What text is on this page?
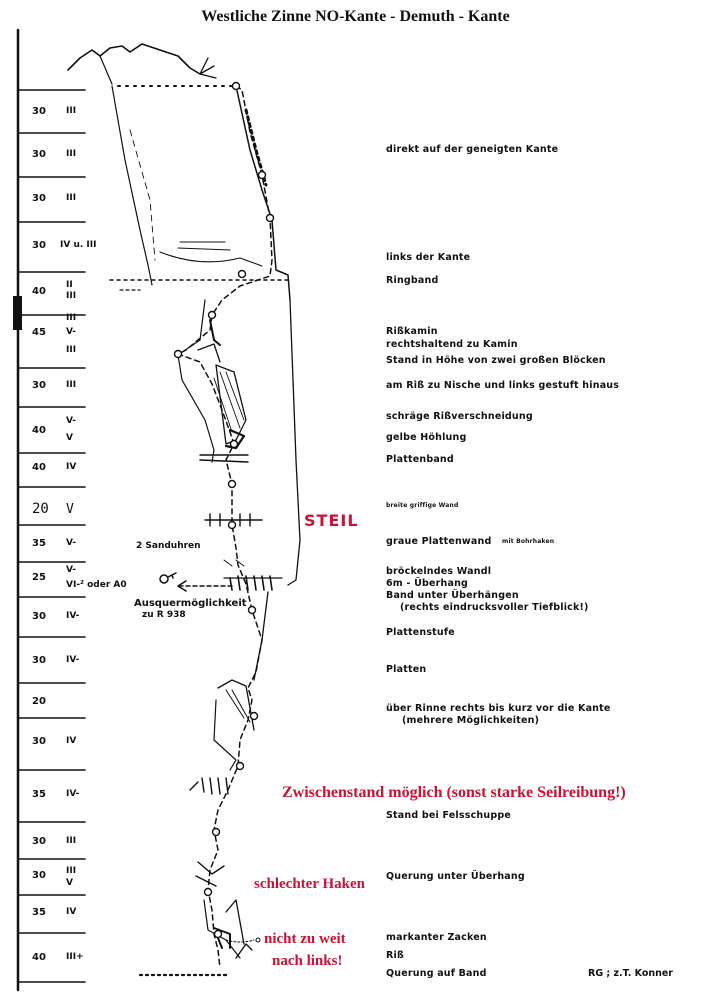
Westliche Zinne NO-Kante - Demuth - Kante
30
30
30
30
40
45
30
40
40
20
35
25
30
30
20
30
35
30
30
35
40
III
III
III
IV u. III
II
III
III
V-
III
III
V-
V
IV
V
V-
V-
VI-² oder A0
IV-
IV-
IV
IV-
III
III
V
IV
III+
direkt auf der geneigten Kante
links der Kante
Ringband
Rißkamin
rechtshaltend zu Kamin
Stand in Höhe von zwei großen Blöcken
am Riß zu Nische und links gestuft hinaus
schräge Rißverschneidung
gelbe Höhlung
Plattenband
breite griffige Wand
graue Plattenwand mit Bohrhaken
bröckelndes Wandl
6m - Überhang
Band unter Überhängen
(rechts eindrucksvoller Tiefblick!)
Plattenstufe
Platten
über Rinne rechts bis kurz vor die Kante
(mehrere Möglichkeiten)
Stand bei Felsschuppe
Querung unter Überhang
markanter Zacken
Riß
Querung auf Band
2 Sanduhren
Ausquermöglichkeit
zu R 938
RG ; z.T. Konner
STEIL
Zwischenstand möglich (sonst starke Seilreibung!)
schlechter Haken
nicht zu weit
nach links!
